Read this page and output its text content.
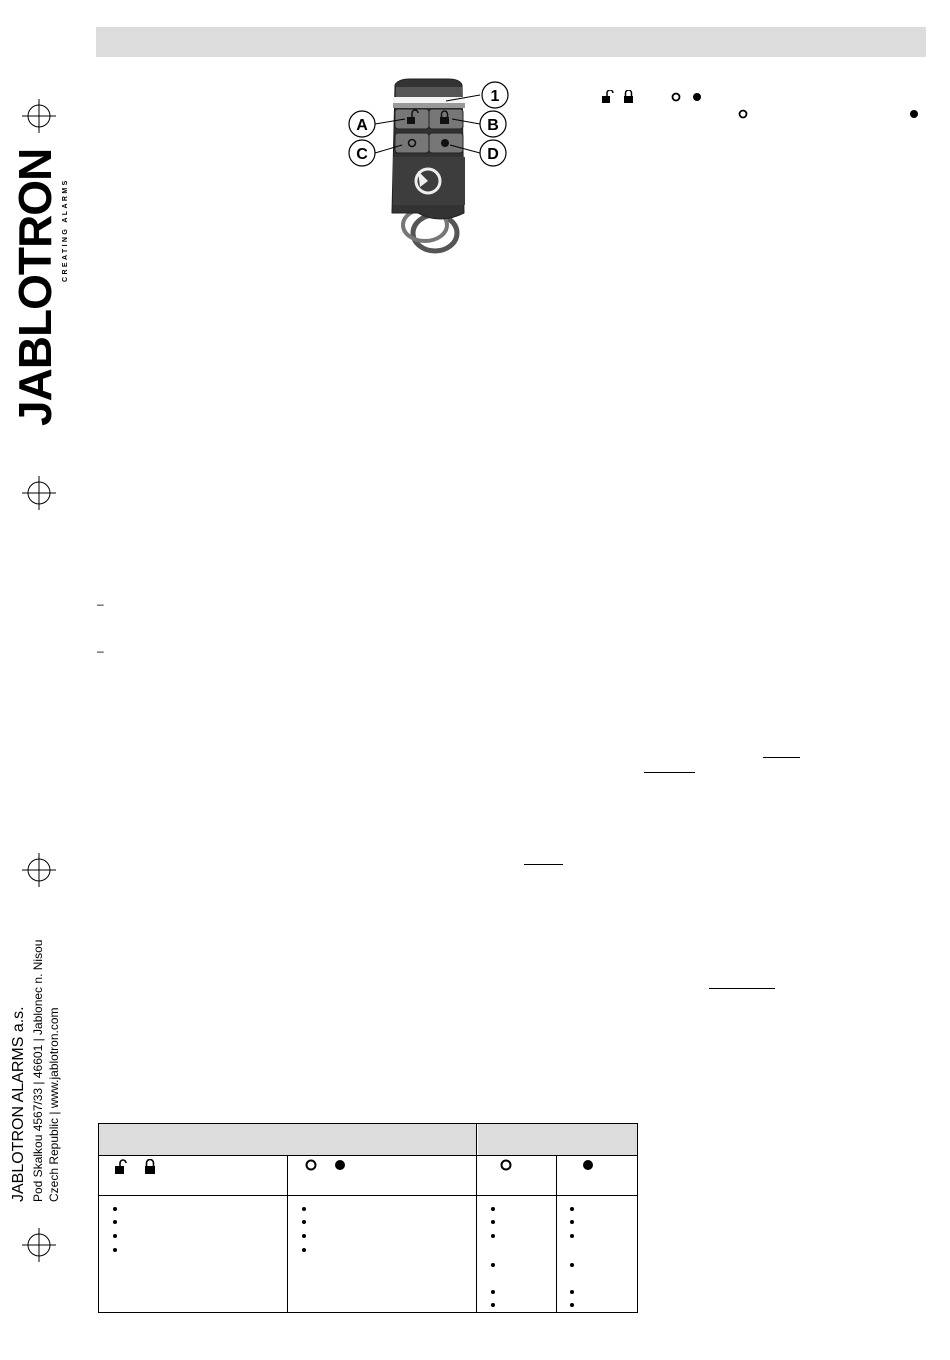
JABLOTRON CREATING ALARMS
JABLOTRON ALARMS a.s. Pod Skalkou 4567/33 | 46601 | Jablonec n. Nisou Czech Republic | www.jablotron.com
1
A	B
C	D
–
–
